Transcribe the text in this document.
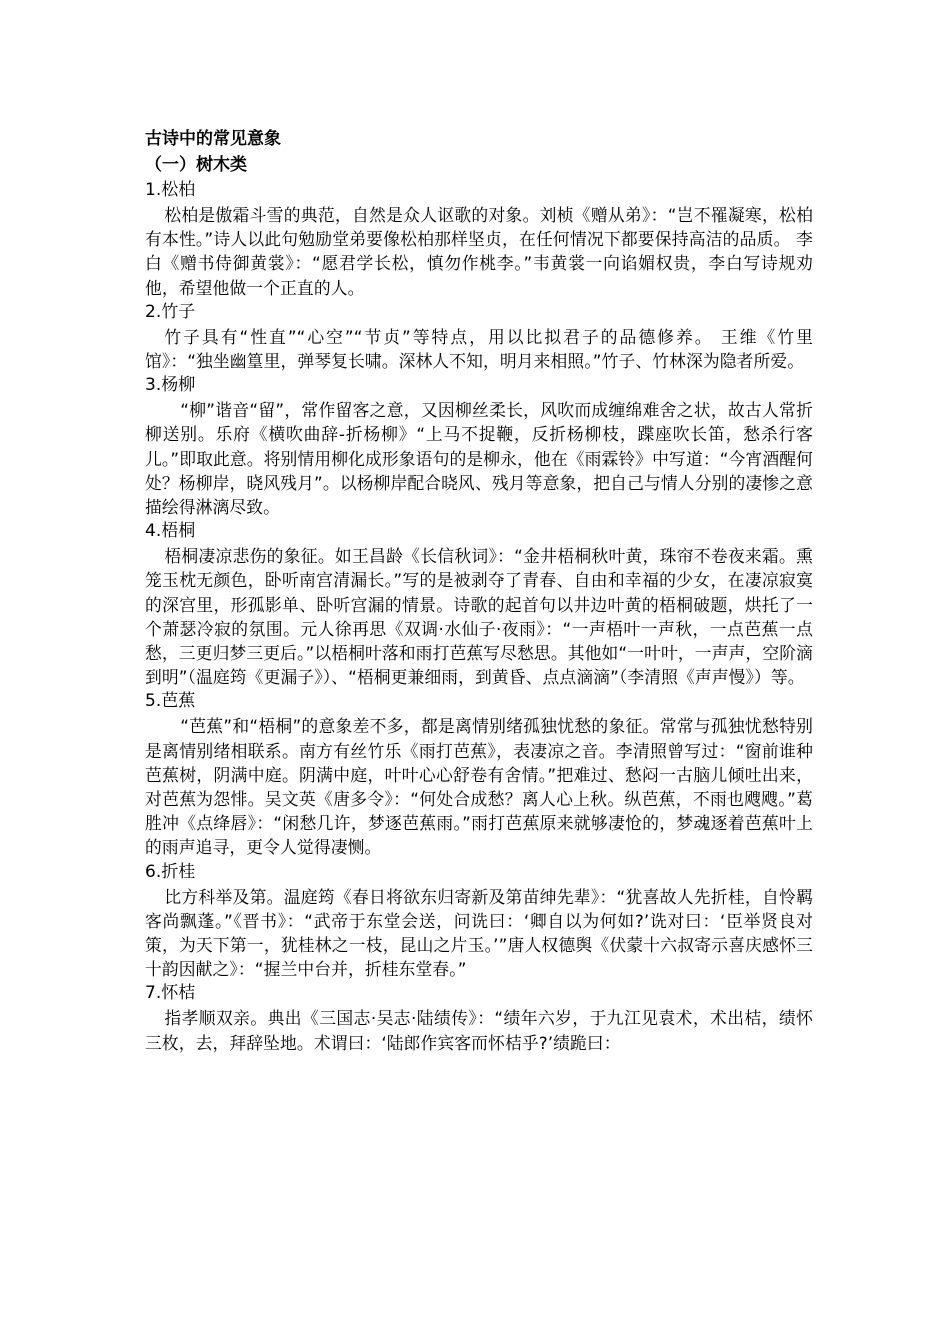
古诗中的常见意象

（一）树木类

1.松柏

松柏是傲霜斗雪的典范，自然是众人讴歌的对象。刘桢《赠从弟》：“岂不罹凝寒，松柏有本性。”诗人以此句勉励堂弟要像松柏那样坚贞，在任何情况下都要保持高洁的品质。 李白《赠书侍御黄裳》：“愿君学长松，慎勿作桃李。”韦黄裳一向谄媚权贵，李白写诗规劝他，希望他做一个正直的人。

2.竹子

竹子具有“性直”“心空”“节贞”等特点，用以比拟君子的品德修养。 王维《竹里馆》：“独坐幽篁里，弹琴复长啸。深林人不知，明月来相照。”竹子、竹林深为隐者所爱。

3.杨柳

“柳”谐音“留”，常作留客之意，又因柳丝柔长，风吹而成缠绵难舍之状，故古人常折柳送别。乐府《横吹曲辞-折杨柳》“上马不捉鞭，反折杨柳枝，蹀座吹长笛，愁杀行客儿。”即取此意。将别情用柳化成形象语句的是柳永，他在《雨霖铃》中写道：“今宵酒醒何处？杨柳岸，晓风残月”。以杨柳岸配合晓风、残月等意象，把自己与情人分别的凄惨之意描绘得淋漓尽致。

4.梧桐

梧桐凄凉悲伤的象征。如王昌龄《长信秋词》：“金井梧桐秋叶黄，珠帘不卷夜来霜。熏笼玉枕无颜色，卧听南宫清漏长。”写的是被剥夺了青春、自由和幸福的少女，在凄凉寂寞的深宫里，形孤影单、卧听宫漏的情景。诗歌的起首句以井边叶黄的梧桐破题，烘托了一个萧瑟冷寂的氛围。元人徐再思《双调·水仙子·夜雨》：“一声梧叶一声秋，一点芭蕉一点愁，三更归梦三更后。”以梧桐叶落和雨打芭蕉写尽愁思。其他如“一叶叶，一声声，空阶滴到明”（温庭筠《更漏子》）、“梧桐更兼细雨，到黄昏、点点滴滴”（李清照《声声慢》）等。

5.芭蕉

“芭蕉”和“梧桐”的意象差不多，都是离情别绪孤独忧愁的象征。常常与孤独忧愁特别是离情别绪相联系。南方有丝竹乐《雨打芭蕉》，表凄凉之音。李清照曾写过：“窗前谁种芭蕉树，阴满中庭。阴满中庭，叶叶心心舒卷有舍情。”把难过、愁闷一古脑儿倾吐出来，对芭蕉为怨悱。吴文英《唐多令》：“何处合成愁？离人心上秋。纵芭蕉，不雨也飕飕。”葛胜冲《点绛唇》：“闲愁几许，梦逐芭蕉雨。”雨打芭蕉原来就够凄怆的，梦魂逐着芭蕉叶上的雨声追寻，更令人觉得凄恻。

6.折桂

比方科举及第。温庭筠《春日将欲东归寄新及第苗绅先辈》：“犹喜故人先折桂，自怜羁客尚飘蓬。”《晋书》：“武帝于东堂会送，问诜曰：‘卿自以为何如?’诜对曰：‘臣举贤良对策，为天下第一，犹桂林之一枝，昆山之片玉。’”唐人权德舆《伏蒙十六叔寄示喜庆感怀三十韵因献之》：“握兰中台并，折桂东堂春。”

7.怀桔

指孝顺双亲。典出《三国志·吴志·陆绩传》：“绩年六岁，于九江见袁术，术出桔，绩怀三枚，去，拜辞坠地。术谓曰：‘陆郎作宾客而怀桔乎?’绩跪曰：
